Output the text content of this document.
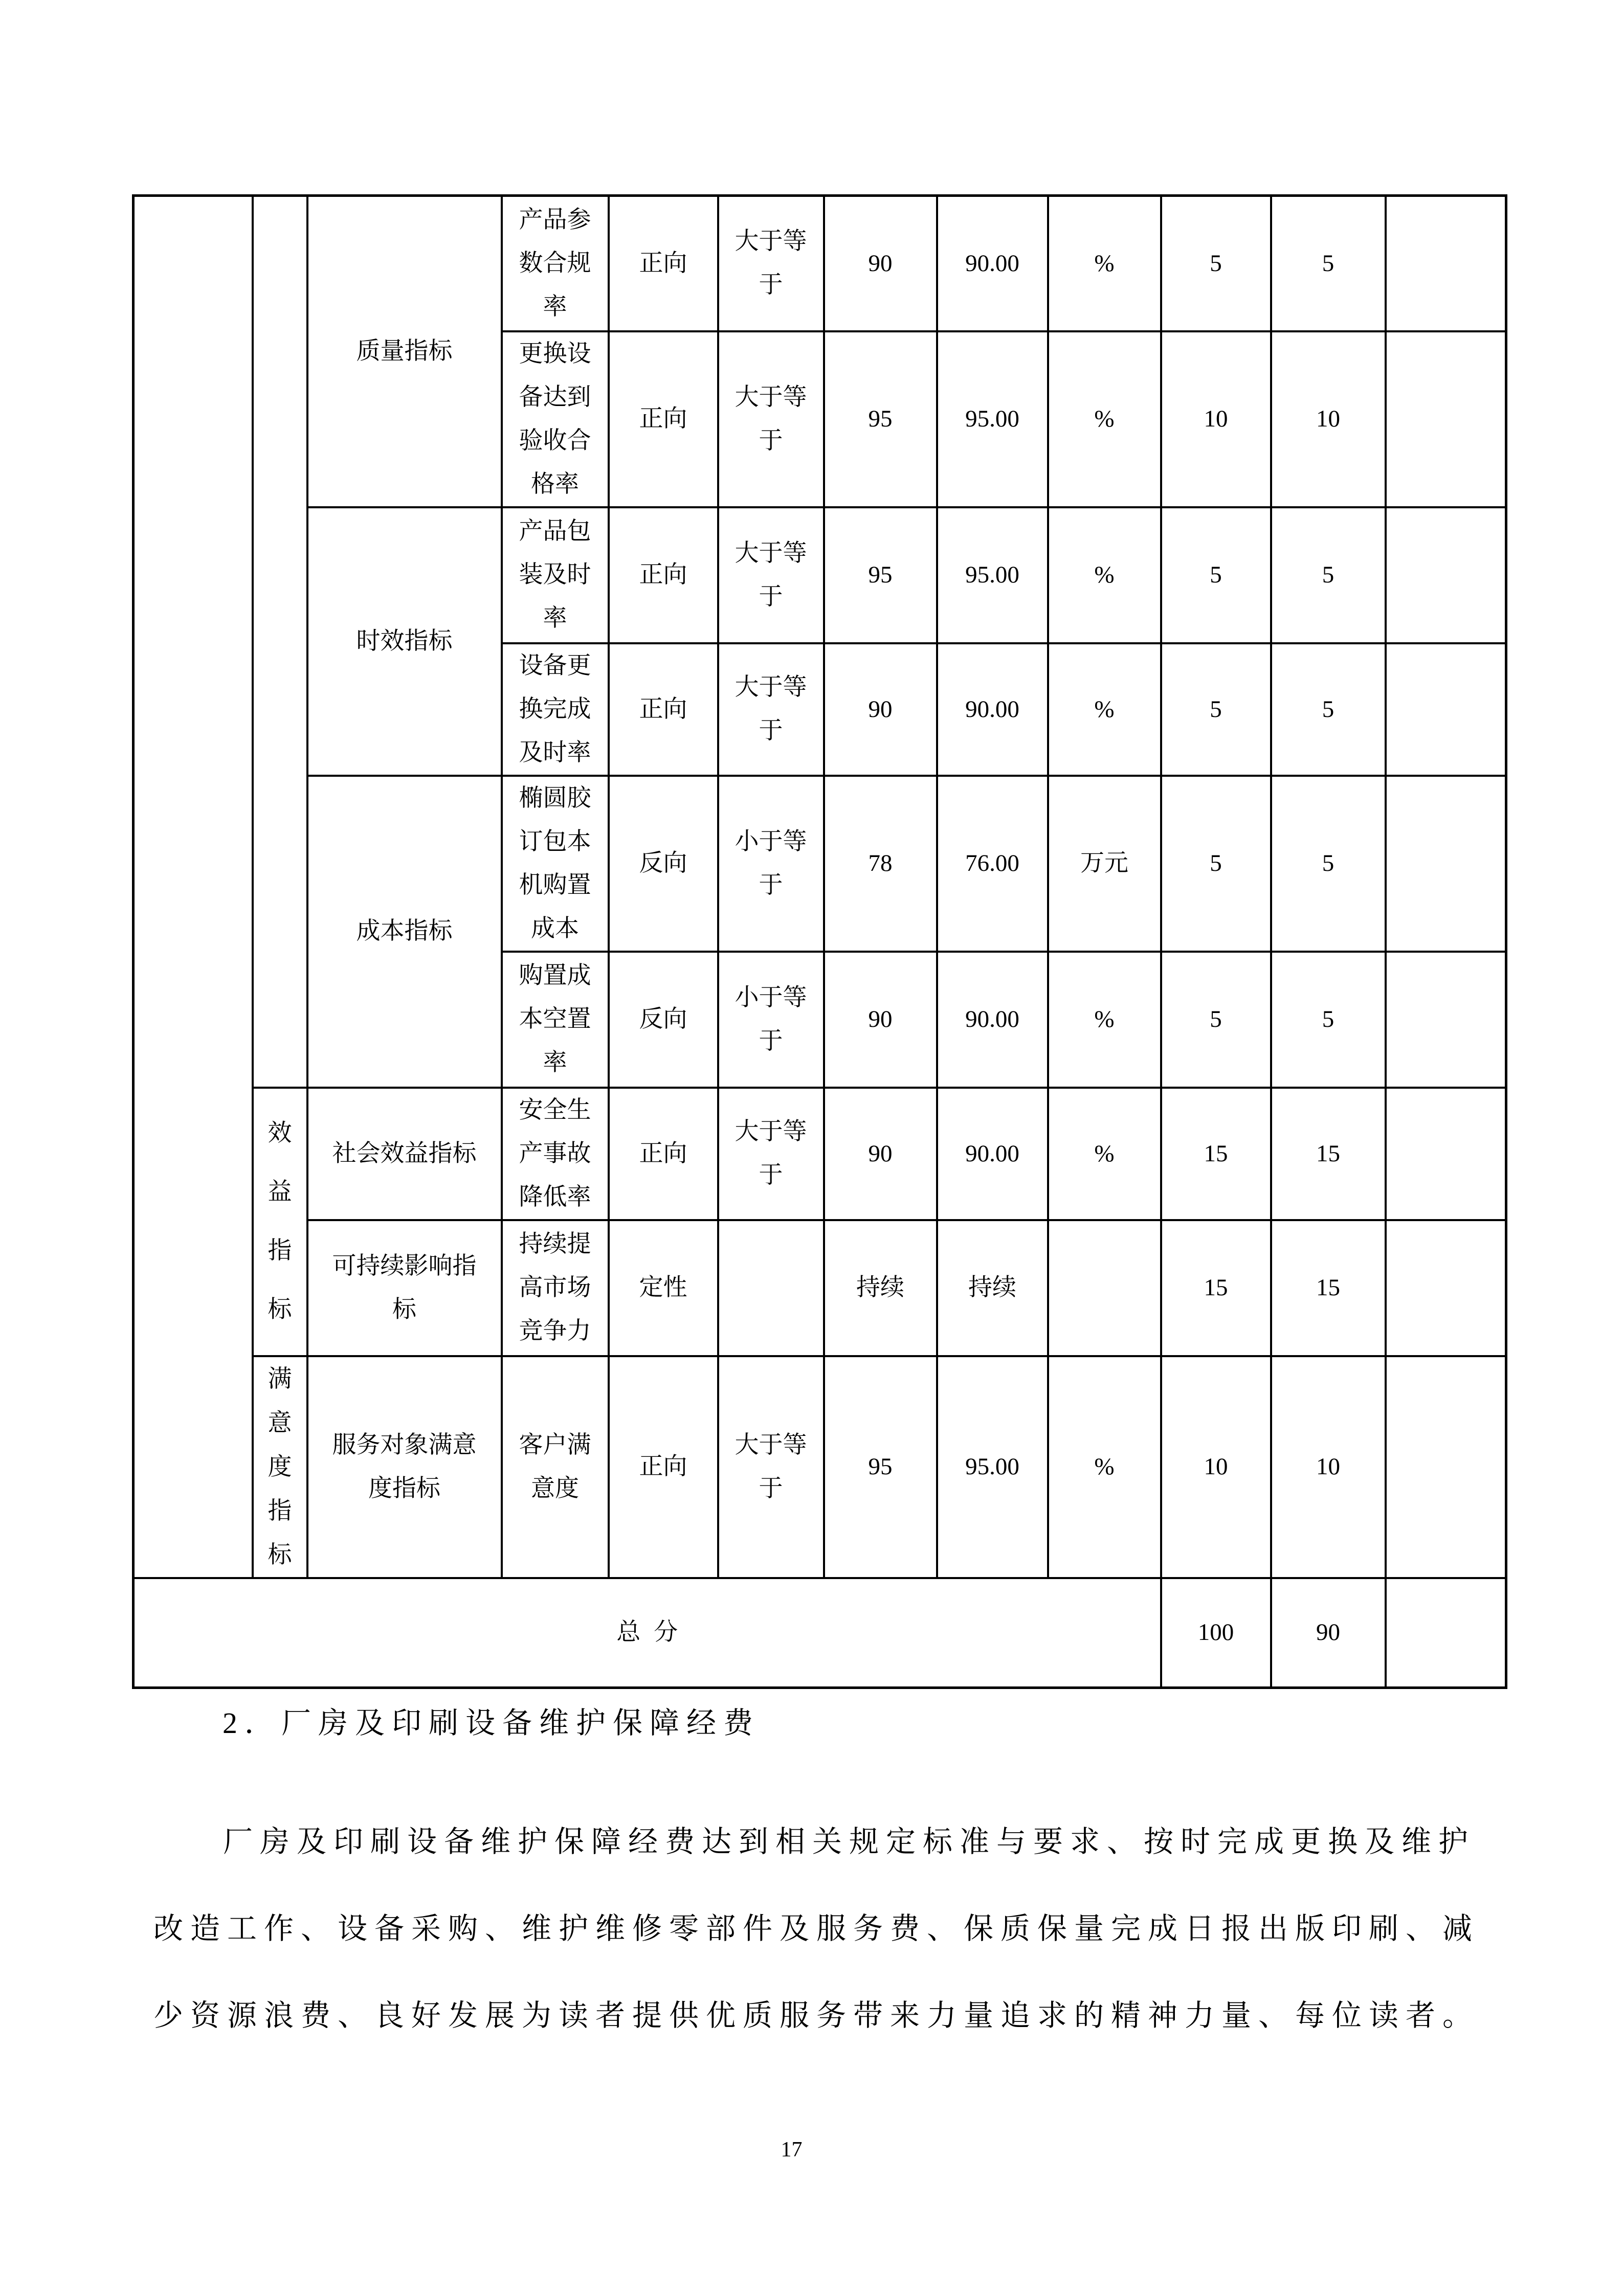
		质量指标	产品参数合规率	正向	大于等于	90	90.00	%	5	5	
			更换设备达到验收合格率	正向	大于等于	95	95.00	%	10	10	
		时效指标	产品包装及时率	正向	大于等于	95	95.00	%	5	5	
			设备更换完成及时率	正向	大于等于	90	90.00	%	5	5	
		成本指标	椭圆胶订包本机购置成本	反向	小于等于	78	76.00	万元	5	5	
			购置成本空置率	反向	小于等于	90	90.00	%	5	5	

	效益指标	社会效益指标	安全生产事故降低率	正向	大于等于	90	90.00	%	15	15	
		可持续影响指标	持续提高市场竞争力	定性		持续	持续		15	15	

	满意度指标	服务对象满意度指标	客户满意度	正向	大于等于	95	95.00	%	10	10	
总分									100	90	
2．厂房及印刷设备维护保障经费
厂房及印刷设备维护保障经费达到相关规定标准与要求、按时完成更换及维护
改造工作、设备采购、维护维修零部件及服务费、保质保量完成日报出版印刷、减
少资源浪费、良好发展为读者提供优质服务带来力量追求的精神力量、每位读者。
17
